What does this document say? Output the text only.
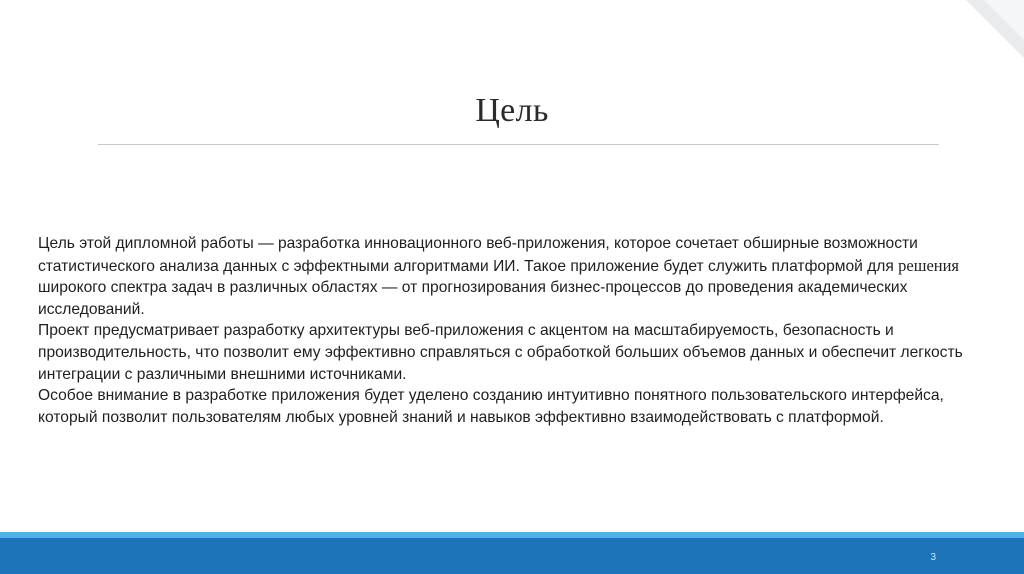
Цель

Цель этой дипломной работы — разработка инновационного веб-приложения, которое сочетает обширные возможности статистического анализа данных с эффектными алгоритмами ИИ. Такое приложение будет служить платформой для решения широкого спектра задач в различных областях — от прогнозирования бизнес-процессов до проведения академических исследований.

Проект предусматривает разработку архитектуры веб-приложения с акцентом на масштабируемость, безопасность и производительность, что позволит ему эффективно справляться с обработкой больших объемов данных и обеспечит легкость интеграции с различными внешними источниками.

Особое внимание в разработке приложения будет уделено созданию интуитивно понятного пользовательского интерфейса, который позволит пользователям любых уровней знаний и навыков эффективно взаимодействовать с платформой.

3
